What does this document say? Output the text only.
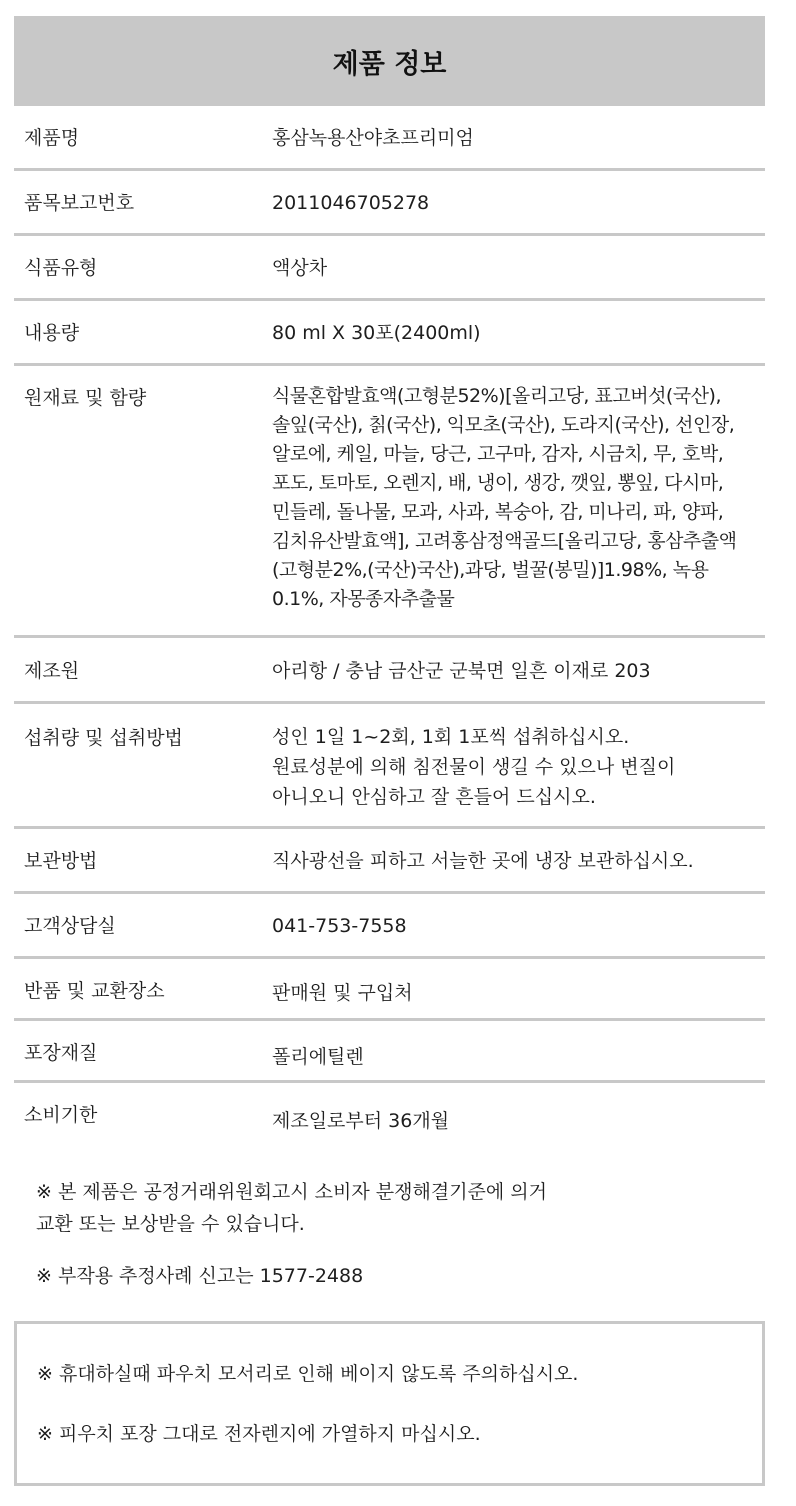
제품 정보
제품명	홍삼녹용산야초프리미엄
품목보고번호	2011046705278
식품유형	액상차
내용량	80 ml X 30포(2400ml)
원재료 및 함량	식물혼합발효액(고형분52%)[올리고당, 표고버섯(국산),
솔잎(국산), 칡(국산), 익모초(국산), 도라지(국산), 선인장,
알로에, 케일, 마늘, 당근, 고구마, 감자, 시금치, 무, 호박,
포도, 토마토, 오렌지, 배, 냉이, 생강, 깻잎, 뽕잎, 다시마,
민들레, 돌나물, 모과, 사과, 복숭아, 감, 미나리, 파, 양파,
김치유산발효액], 고려홍삼정액골드[올리고당, 홍삼추출액
(고형분2%,(국산)국산),과당, 벌꿀(봉밀)]1.98%, 녹용
0.1%, 자몽종자추출물
제조원	아리항 / 충남 금산군 군북면 일흔 이재로 203
섭취량 및 섭취방법	성인 1일 1~2회, 1회 1포씩 섭취하십시오.
원료성분에 의해 침전물이 생길 수 있으나 변질이
아니오니 안심하고 잘 흔들어 드십시오.
보관방법	직사광선을 피하고 서늘한 곳에 냉장 보관하십시오.
고객상담실	041-753-7558
반품 및 교환장소	판매원 및 구입처
포장재질	폴리에틸렌
소비기한	제조일로부터 36개월
※ 본 제품은 공정거래위원회고시 소비자 분쟁해결기준에 의거
교환 또는 보상받을 수 있습니다.
※ 부작용 추정사례 신고는 1577-2488
※ 휴대하실때 파우치 모서리로 인해 베이지 않도록 주의하십시오.
※ 피우치 포장 그대로 전자렌지에 가열하지 마십시오.
